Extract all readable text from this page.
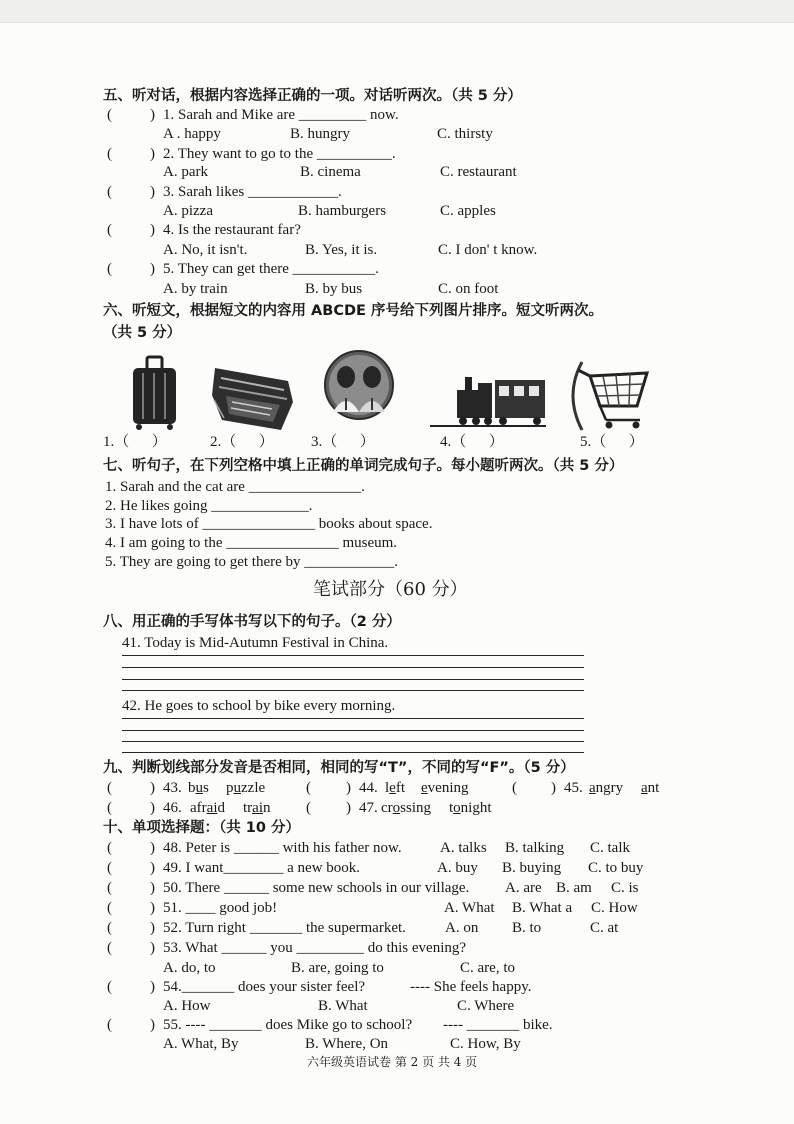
五、听对话，根据内容选择正确的一项。对话听两次。（共 5 分）
(	) 1. Sarah and Mike are _________ now.
A . happy	B. hungry	C. thirsty
(	) 2. They want to go to the __________.
A. park	B. cinema	C. restaurant
(	) 3. Sarah likes ____________.
A. pizza	B. hamburgers	C. apples
(	) 4. Is the restaurant far?
A. No, it isn't.	B. Yes, it is.	C. I don' t know.
(	) 5. They can get there ___________.
A. by train	B. by bus	C. on foot
六、听短文，根据短文的内容用 ABCDE 序号给下列图片排序。短文听两次。
（共 5 分）
1.（      ）	2.（      ） 3.（      ）	4.（      ）	5.（      ）
七、听句子，在下列空格中填上正确的单词完成句子。每小题听两次。（共 5 分）
1. Sarah and the cat are _______________.
2. He likes going _____________.
3. I have lots of _______________ books about space.
4. I am going to the _______________ museum.
5. They are going to get there by ____________.
笔试部分（60 分）
八、用正确的手写体书写以下的句子。（2 分）
41. Today is Mid-Autumn Festival in China.
42. He goes to school by bike every morning.
九、判断划线部分发音是否相同，相同的写“T”，不同的写“F”。（5 分）
(	) 43. bus puzzle	( ) 44. left evening	( ) 45. angry ant
(	) 46. afraid train ( ) 47. crossing tonight
十、单项选择题：（共 10 分）
(	) 48. Peter is ______ with his father now.	A. talks B. talking C. talk
(	) 49. I want________ a new book.	A. buy B. buying C. to buy
(	) 50. There ______ some new schools in our village. A. are B. am C. is
(	) 51. ____ good job!	A. What B. What a C. How
(	) 52. Turn right _______ the supermarket.	A. on B. to	C. at
(	) 53. What ______ you _________ do this evening?
A. do, to	B. are, going to	C. are, to
(	) 54._______ does your sister feel?	---- She feels happy.
A. How	B. What	C. Where
(	) 55. ---- _______ does Mike go to school? ---- _______ bike.
A. What, By	B. Where, On	C. How, By
六年级英语试卷 第 2 页 共 4 页
